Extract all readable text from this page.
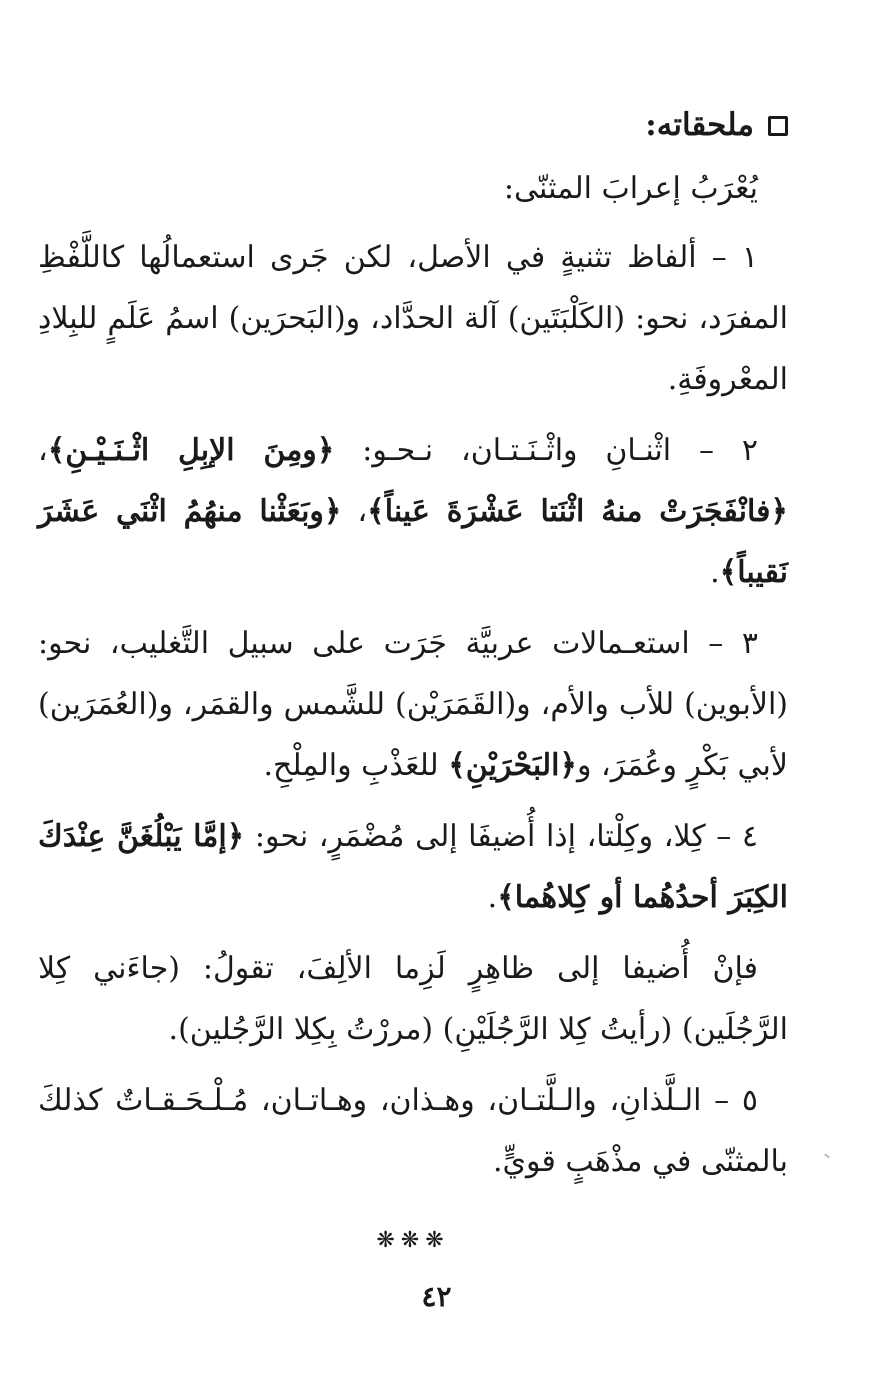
ملحقاته:
يُعْرَبُ إعرابَ المثنّى:

١ – ألفاظ تثنيةٍ في الأصل، لكن جَرى استعمالُها كاللَّفْظِ المفرَد، نحو: (الكَلْبَتَين) آلة الحدَّاد، و(البَحرَين) اسمُ عَلَمٍ للبِلادِ المعْروفَةِ.

٢ – اثْنـانِ واثْـنَـتـان، نـحـو: ﴿ومِنَ الإبِلِ اثْـنَـيْـنِ﴾، ﴿فانْفَجَرَتْ منهُ اثْنَتا عَشْرَةَ عَيناً﴾، ﴿وبَعَثْنا منهُمُ اثْنَي عَشَرَ نَقيباً﴾.

٣ – استعـمالات عربيَّة جَرَت على سبيل التَّغليب، نحو: (الأبوين) للأب والأم، و(القَمَرَيْن) للشَّمس والقمَر، و(العُمَرَين) لأبي بَكْرٍ وعُمَرَ، و﴿البَحْرَيْنِ﴾ للعَذْبِ والمِلْحِ.

٤ – كِلا، وكِلْتا، إذا أُضيفَا إلى مُضْمَرٍ، نحو: ﴿إمَّا يَبْلُغَنَّ عِنْدَكَ الكِبَرَ أحدُهُما أو كِلاهُما﴾.

فإنْ أُضيفا إلى ظاهِرٍ لَزِما الألِفَ، تقولُ: (جاءَني كِلا الرَّجُلَين) (رأيتُ كِلا الرَّجُلَيْنِ) (مررْتُ بِكِلا الرَّجُلين).

٥ – الـلَّذانِ، والـلَّتـان، وهـذان، وهـاتـان، مُـلْـحَـقـاتٌ كذلكَ بالمثنّى في مذْهَبٍ قويٍّ.

❋❋❋
٤٢
